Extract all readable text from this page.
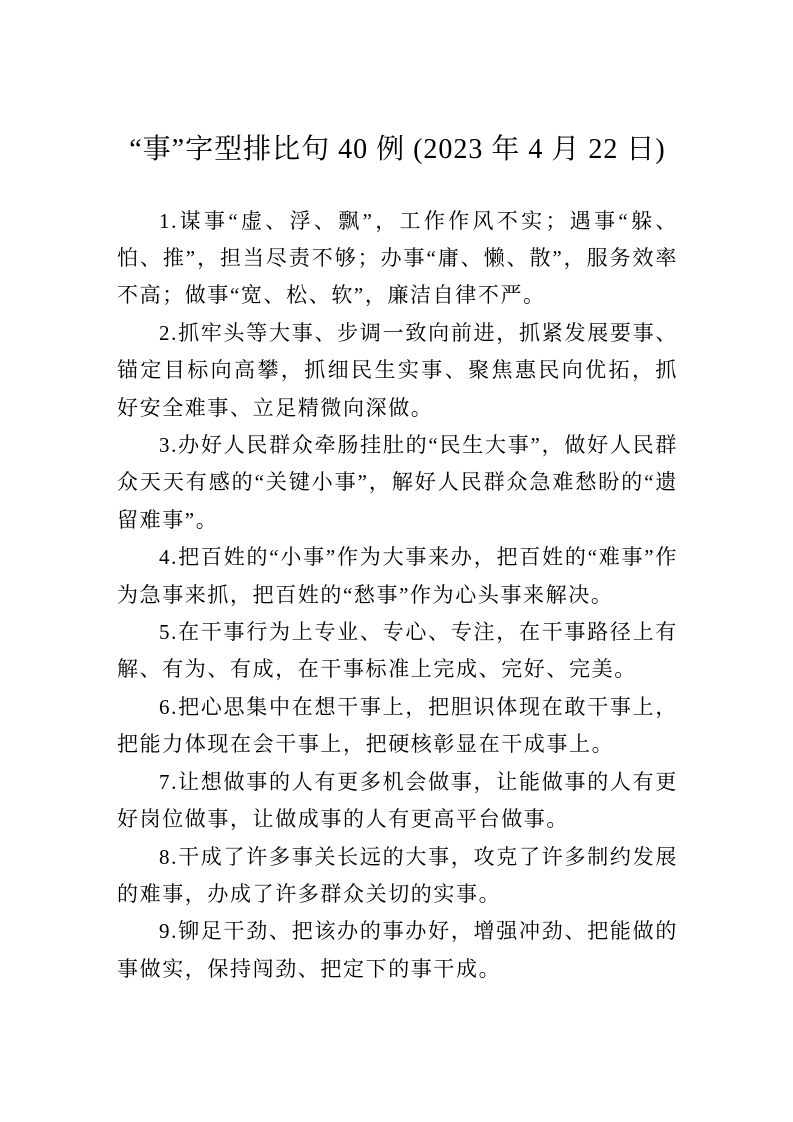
“事”字型排比句 40 例 (2023 年 4 月 22 日)

1.谋事“虚、浮、飘”，工作作风不实；遇事“躲、怕、推”，担当尽责不够；办事“庸、懒、散”，服务效率不高；做事“宽、松、软”，廉洁自律不严。

2.抓牢头等大事、步调一致向前进，抓紧发展要事、锚定目标向高攀，抓细民生实事、聚焦惠民向优拓，抓好安全难事、立足精微向深做。

3.办好人民群众牵肠挂肚的“民生大事”，做好人民群众天天有感的“关键小事”，解好人民群众急难愁盼的“遗留难事”。

4.把百姓的“小事”作为大事来办，把百姓的“难事”作为急事来抓，把百姓的“愁事”作为心头事来解决。

5.在干事行为上专业、专心、专注，在干事路径上有解、有为、有成，在干事标准上完成、完好、完美。

6.把心思集中在想干事上，把胆识体现在敢干事上，把能力体现在会干事上，把硬核彰显在干成事上。

7.让想做事的人有更多机会做事，让能做事的人有更好岗位做事，让做成事的人有更高平台做事。

8.干成了许多事关长远的大事，攻克了许多制约发展的难事，办成了许多群众关切的实事。

9.铆足干劲、把该办的事办好，增强冲劲、把能做的事做实，保持闯劲、把定下的事干成。
